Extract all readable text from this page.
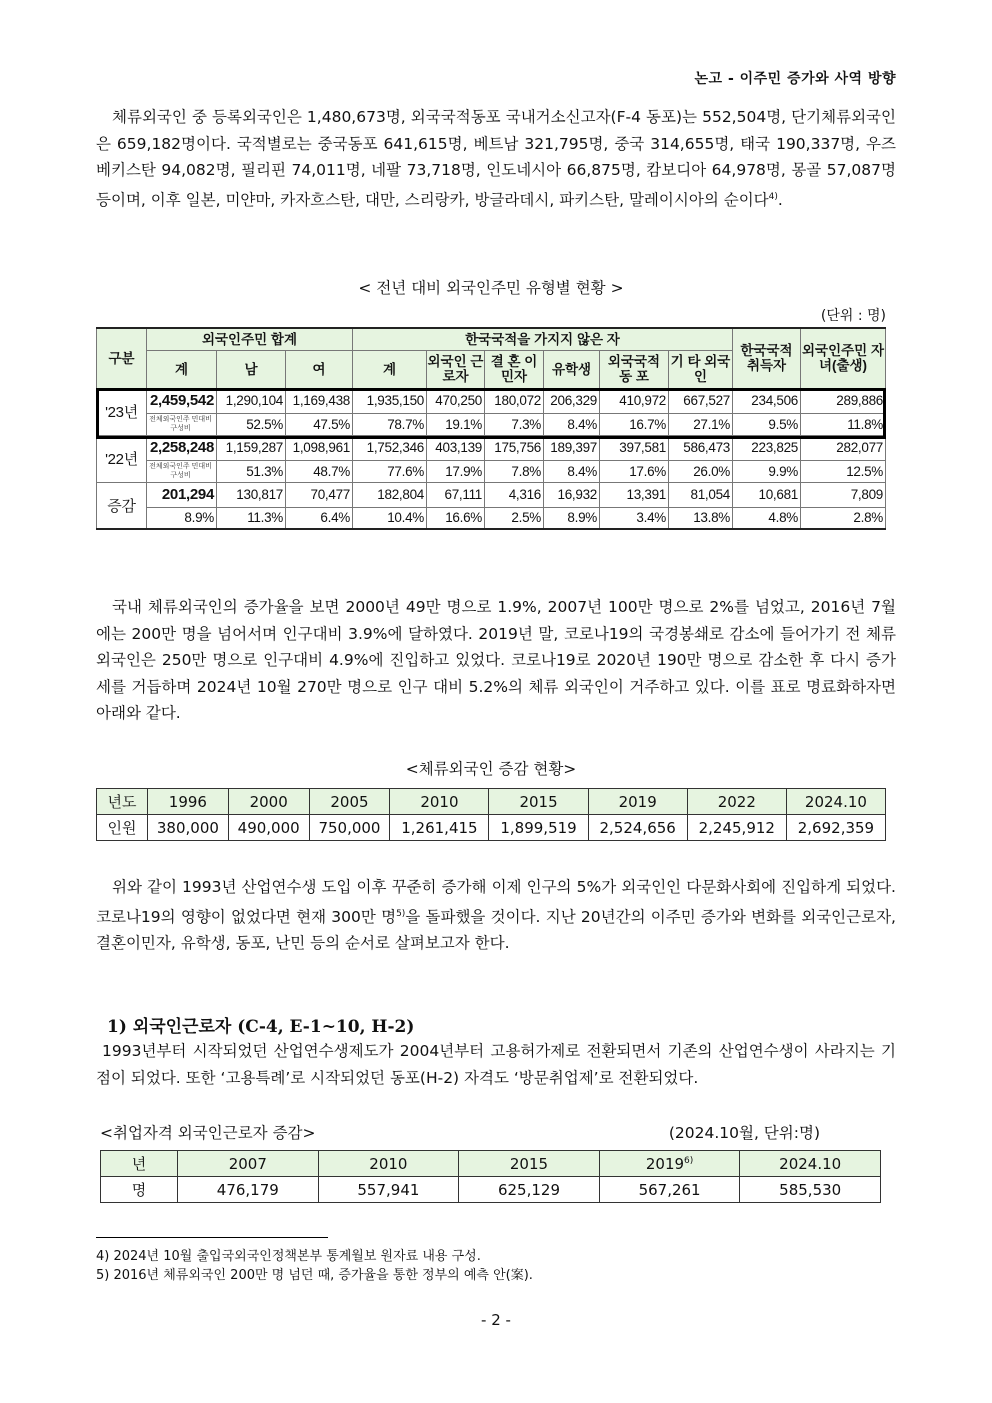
논고 - 이주민 증가와 사역 방향

체류외국인 중 등록외국인은 1,480,673명, 외국국적동포 국내거소신고자(F-4 동포)는 552,504명, 단기체류외국인은 659,182명이다. 국적별로는 중국동포 641,615명, 베트남 321,795명, 중국 314,655명, 태국 190,337명, 우즈베키스탄 94,082명, 필리핀 74,011명, 네팔 73,718명, 인도네시아 66,875명, 캄보디아 64,978명, 몽골 57,087명 등이며, 이후 일본, 미얀마, 카자흐스탄, 대만, 스리랑카, 방글라데시, 파키스탄, 말레이시아의 순이다$^{4)}$.

< 전년 대비 외국인주민 유형별 현황 >
(단위 : 명)
구분	외국인주민 합계			한국국적을 가지지 않은 자						한국국적 취득자	외국인주민 자녀(출생)
	계	남	여	계	외국인 근로자	결 혼 이민자	유학생	외국국적 동 포	기 타 외국인		
'23년	2,459,542	1,290,104	1,169,438	1,935,150	470,250	180,072	206,329	410,972	667,527	234,506	289,886
	전체외국인주 민대비구성비	52.5%	47.5%	78.7%	19.1%	7.3%	8.4%	16.7%	27.1%	9.5%	11.8%
'22년	2,258,248	1,159,287	1,098,961	1,752,346	403,139	175,756	189,397	397,581	586,473	223,825	282,077
	전체외국인주 민대비구성비	51.3%	48.7%	77.6%	17.9%	7.8%	8.4%	17.6%	26.0%	9.9%	12.5%
증감	201,294	130,817	70,477	182,804	67,111	4,316	16,932	13,391	81,054	10,681	7,809
	8.9%	11.3%	6.4%	10.4%	16.6%	2.5%	8.9%	3.4%	13.8%	4.8%	2.8%

국내 체류외국인의 증가율을 보면 2000년 49만 명으로 1.9%, 2007년 100만 명으로 2%를 넘었고, 2016년 7월에는 200만 명을 넘어서며 인구대비 3.9%에 달하였다. 2019년 말, 코로나19의 국경봉쇄로 감소에 들어가기 전 체류외국인은 250만 명으로 인구대비 4.9%에 진입하고 있었다. 코로나19로 2020년 190만 명으로 감소한 후 다시 증가세를 거듭하며 2024년 10월 270만 명으로 인구 대비 5.2%의 체류 외국인이 거주하고 있다. 이를 표로 명료화하자면 아래와 같다.

<체류외국인 증감 현황>
년도	1996	2000	2005	2010	2015	2019	2022	2024.10
인원	380,000	490,000	750,000	1,261,415	1,899,519	2,524,656	2,245,912	2,692,359

위와 같이 1993년 산업연수생 도입 이후 꾸준히 증가해 이제 인구의 5%가 외국인인 다문화사회에 진입하게 되었다. 코로나19의 영향이 없었다면 현재 300만 명$^{5)}$을 돌파했을 것이다. 지난 20년간의 이주민 증가와 변화를 외국인근로자, 결혼이민자, 유학생, 동포, 난민 등의 순서로 살펴보고자 한다.

1) 외국인근로자 (C-4, E-1~10, H-2)

1993년부터 시작되었던 산업연수생제도가 2004년부터 고용허가제로 전환되면서 기존의 산업연수생이 사라지는 기점이 되었다. 또한 ‘고용특례’로 시작되었던 동포(H-2) 자격도 ‘방문취업제’로 전환되었다.

<취업자격 외국인근로자 증감>	(2024.10월, 단위:명)
년	2007	2010	2015	2019$^{6)}$	2024.10
명	476,179	557,941	625,129	567,261	585,530
4) 2024년 10월 출입국외국인정책본부 통계월보 원자료 내용 구성.
5) 2016년 체류외국인 200만 명 넘던 때, 증가율을 통한 정부의 예측 안(案).
- 2 -
